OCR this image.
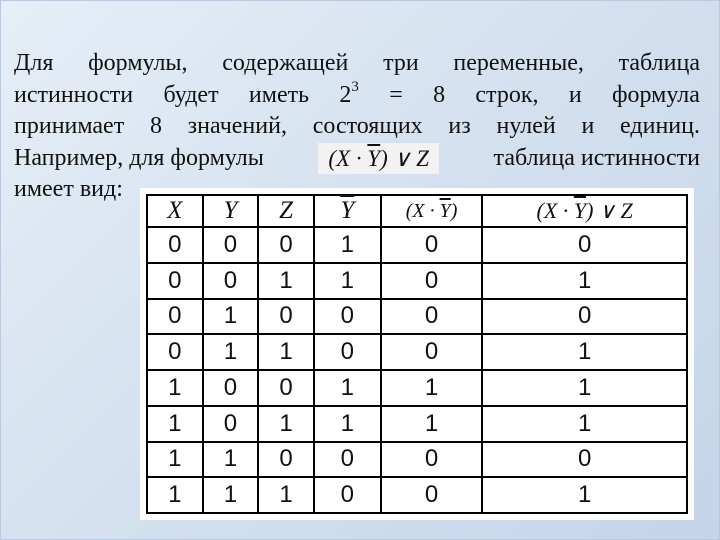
Для формулы, содержащей три переменные, таблица
истинности будет иметь $2^3 = 8$ строк, и формула
принимает 8 значений, состоящих из нулей и единиц.
Например, для формулы	$(X \cdot \overline{Y})$ ∨ Z	таблица истинности
имеет вид:
X	Y	Z	$\overline{Y}$	$(X \cdot \overline{Y})$	$(X \cdot \overline{Y})$ ∨ Z
0	0	0	1	0	0
0	0	1	1	0	1
0	1	0	0	0	0
0	1	1	0	0	1
1	0	0	1	1	1
1	0	1	1	1	1
1	1	0	0	0	0
1	1	1	0	0	1
